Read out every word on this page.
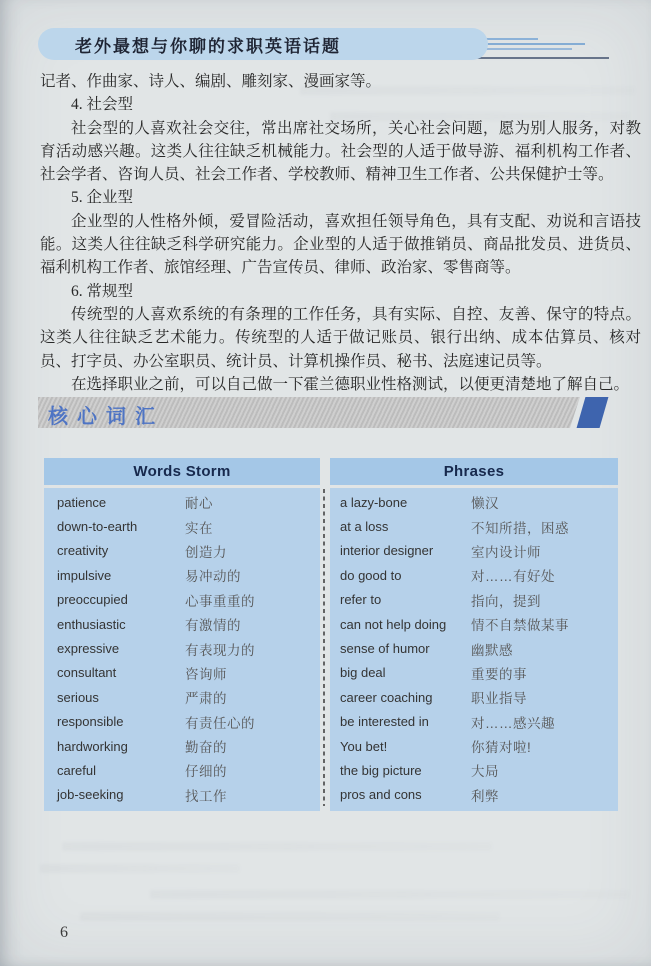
老外最想与你聊的求职英语话题

记者、作曲家、诗人、编剧、雕刻家、漫画家等。

4. 社会型

社会型的人喜欢社会交往，常出席社交场所，关心社会问题，愿为别人服务，对教育活动感兴趣。这类人往往缺乏机械能力。社会型的人适于做导游、福利机构工作者、社会学者、咨询人员、社会工作者、学校教师、精神卫生工作者、公共保健护士等。

5. 企业型

企业型的人性格外倾，爱冒险活动，喜欢担任领导角色，具有支配、劝说和言语技能。这类人往往缺乏科学研究能力。企业型的人适于做推销员、商品批发员、进货员、福利机构工作者、旅馆经理、广告宣传员、律师、政治家、零售商等。

6. 常规型

传统型的人喜欢系统的有条理的工作任务，具有实际、自控、友善、保守的特点。这类人往往缺乏艺术能力。传统型的人适于做记账员、银行出纳、成本估算员、核对员、打字员、办公室职员、统计员、计算机操作员、秘书、法庭速记员等。

在选择职业之前，可以自己做一下霍兰德职业性格测试，以便更清楚地了解自己。

核心词汇
Words Storm
patience	耐心
down-to-earth	实在
creativity	创造力
impulsive	易冲动的
preoccupied	心事重重的
enthusiastic	有激情的
expressive	有表现力的
consultant	咨询师
serious	严肃的
responsible	有责任心的
hardworking	勤奋的
careful	仔细的
job-seeking	找工作
Phrases
a lazy-bone	懒汉
at a loss	不知所措，困惑
interior designer	室内设计师
do good to	对……有好处
refer to	指向，提到
can not help doing	情不自禁做某事
sense of humor	幽默感
big deal	重要的事
career coaching	职业指导
be interested in	对……感兴趣
You bet!	你猜对啦!
the big picture	大局
pros and cons	利弊
6
